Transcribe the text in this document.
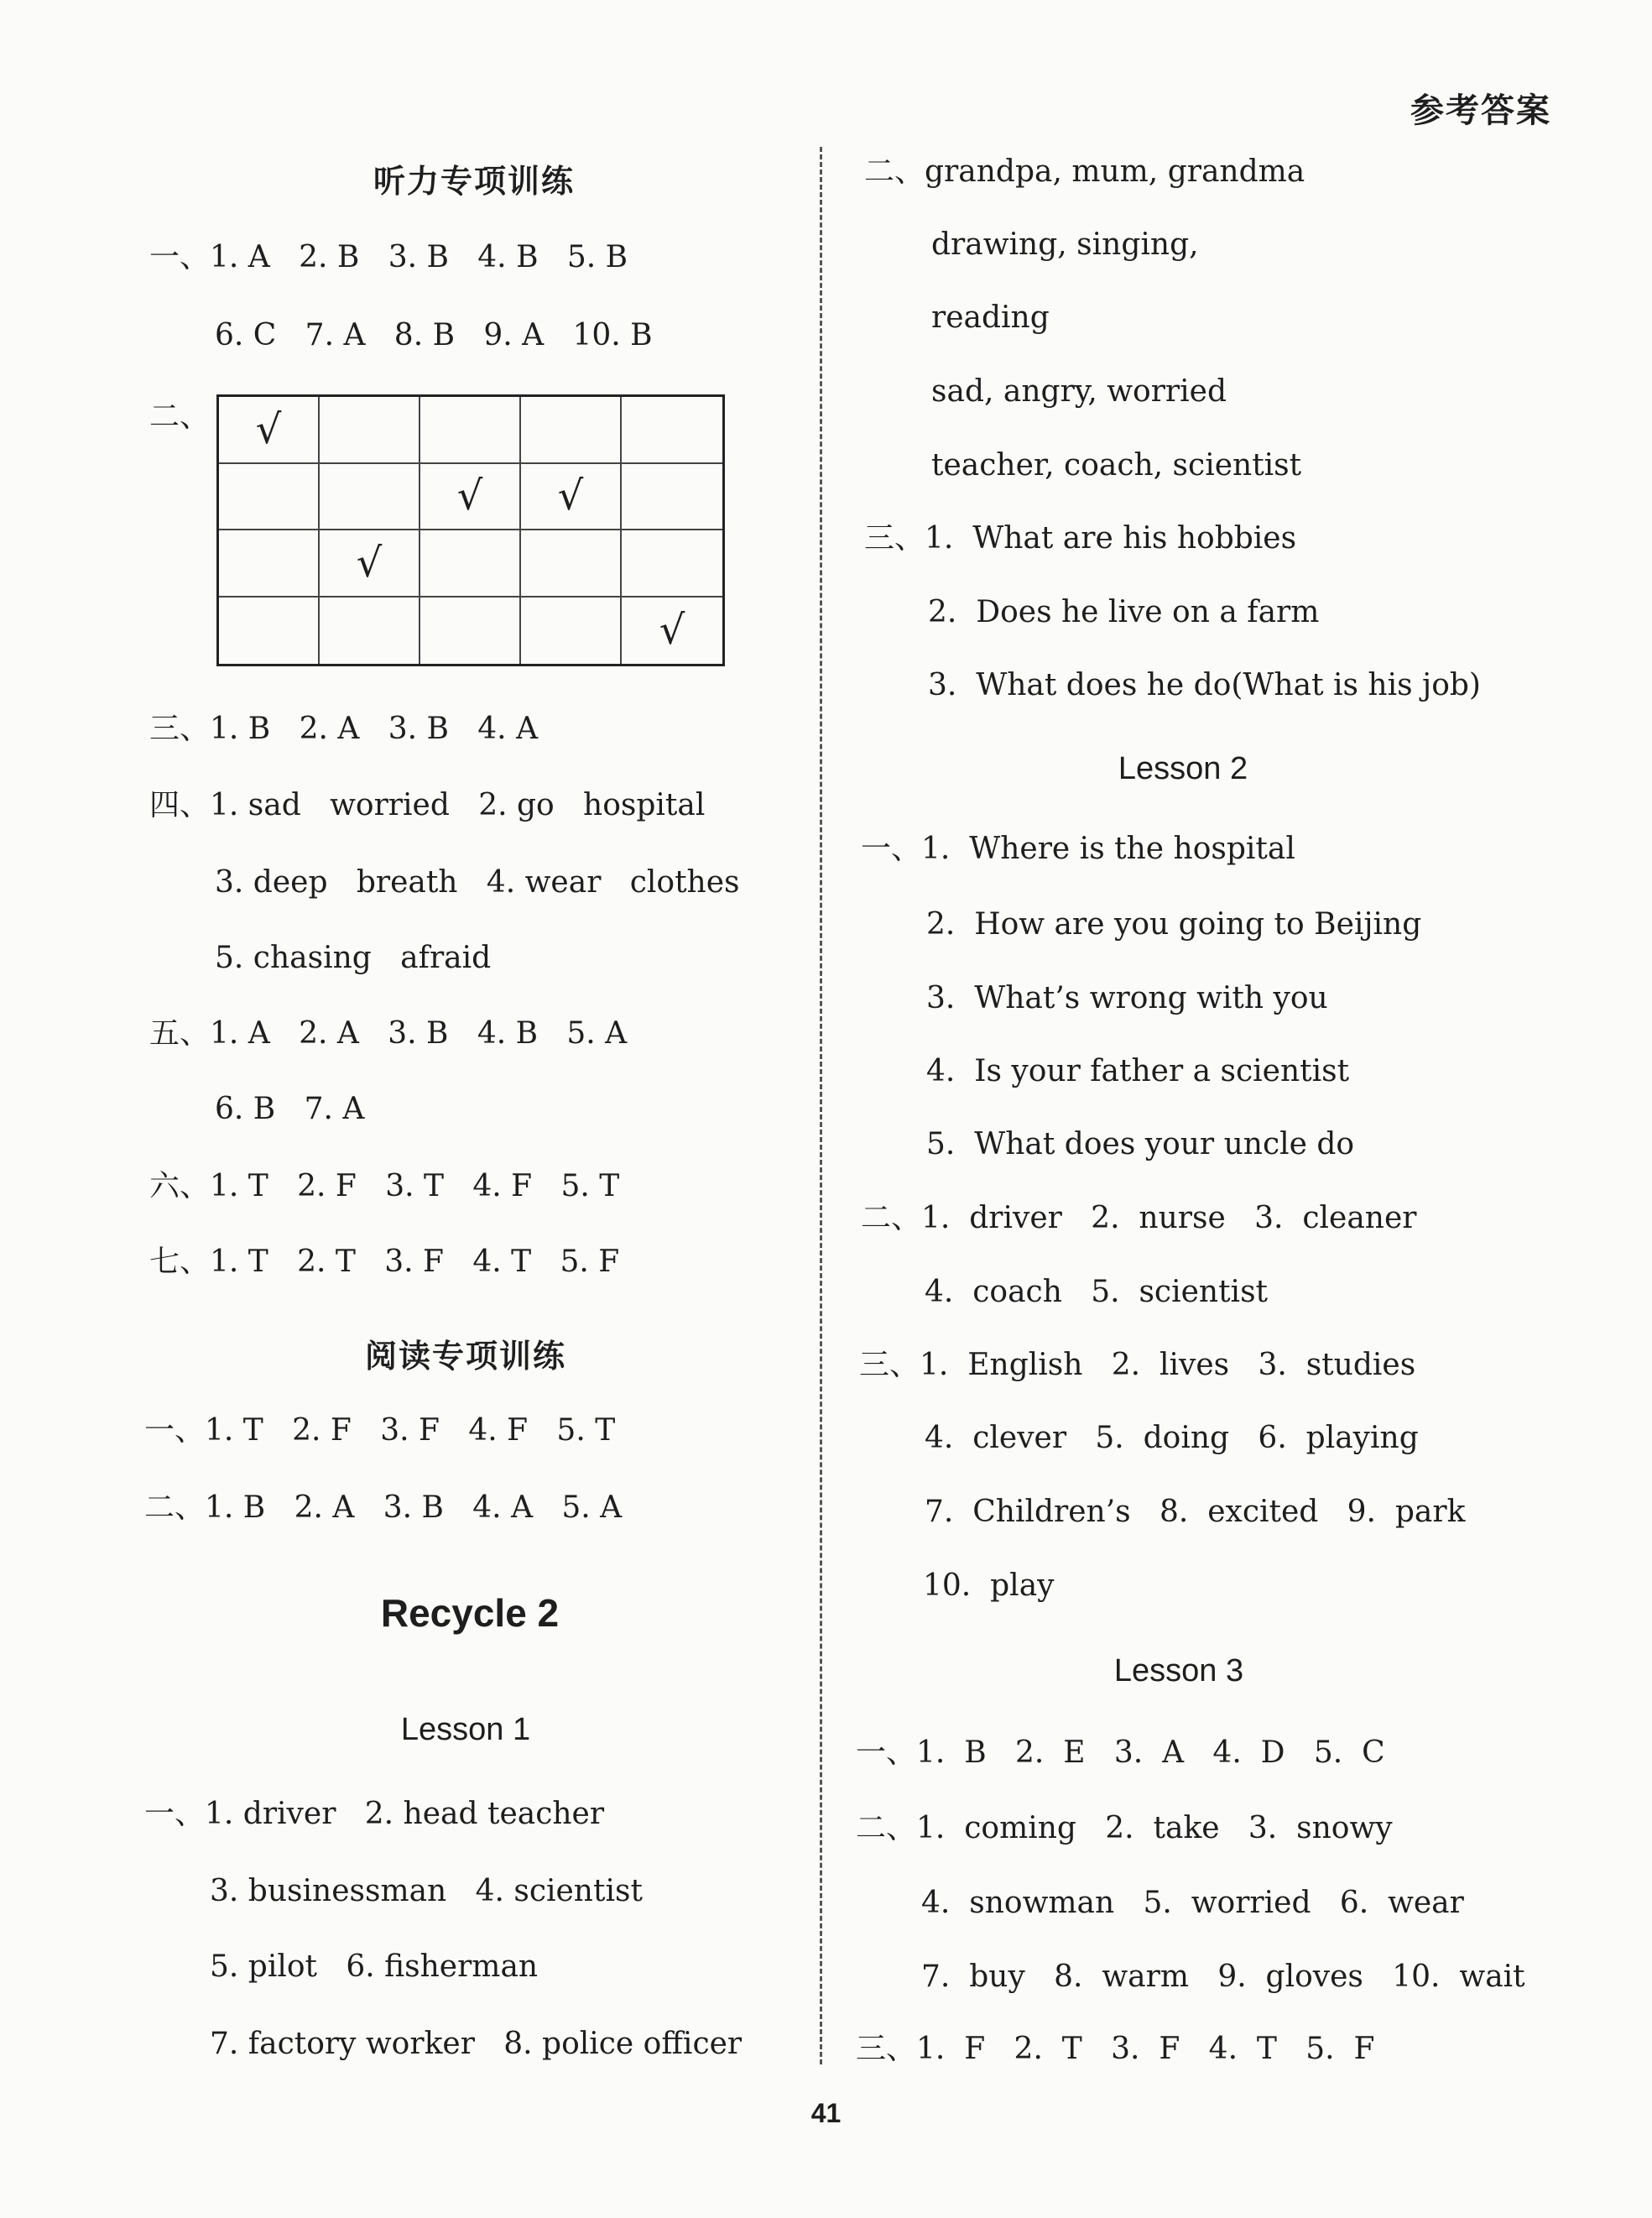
参考答案
听力专项训练
一、1. A   2. B   3. B   4. B   5. B
6. C   7. A   8. B   9. A   10. B
二、	√
√	√
√
√
三、1. B   2. A   3. B   4. A
四、1. sad   worried   2. go   hospital
3. deep   breath   4. wear   clothes
5. chasing   afraid
五、1. A   2. A   3. B   4. B   5. A
6. B   7. A
六、1. T   2. F   3. T   4. F   5. T
七、1. T   2. T   3. F   4. T   5. F
阅读专项训练
一、1. T   2. F   3. F   4. F   5. T
二、1. B   2. A   3. B   4. A   5. A
Recycle 2
Lesson 1
一、1. driver   2. head teacher
3. businessman   4. scientist
5. pilot   6. fisherman
7. factory worker   8. police officer
二、grandpa, mum, grandma
drawing, singing,
reading
sad, angry, worried
teacher, coach, scientist
三、1.  What are his hobbies
2.  Does he live on a farm
3.  What does he do(What is his job)
Lesson 2
一、1.  Where is the hospital
2.  How are you going to Beijing
3.  What’s wrong with you
4.  Is your father a scientist
5.  What does your uncle do
二、1.  driver   2.  nurse   3.  cleaner
4.  coach   5.  scientist
三、1.  English   2.  lives   3.  studies
4.  clever   5.  doing   6.  playing
7.  Children’s   8.  excited   9.  park
10.  play
Lesson 3
一、1.  B   2.  E   3.  A   4.  D   5.  C
二、1.  coming   2.  take   3.  snowy
4.  snowman   5.  worried   6.  wear
7.  buy   8.  warm   9.  gloves   10.  wait
三、1.  F   2.  T   3.  F   4.  T   5.  F
41
